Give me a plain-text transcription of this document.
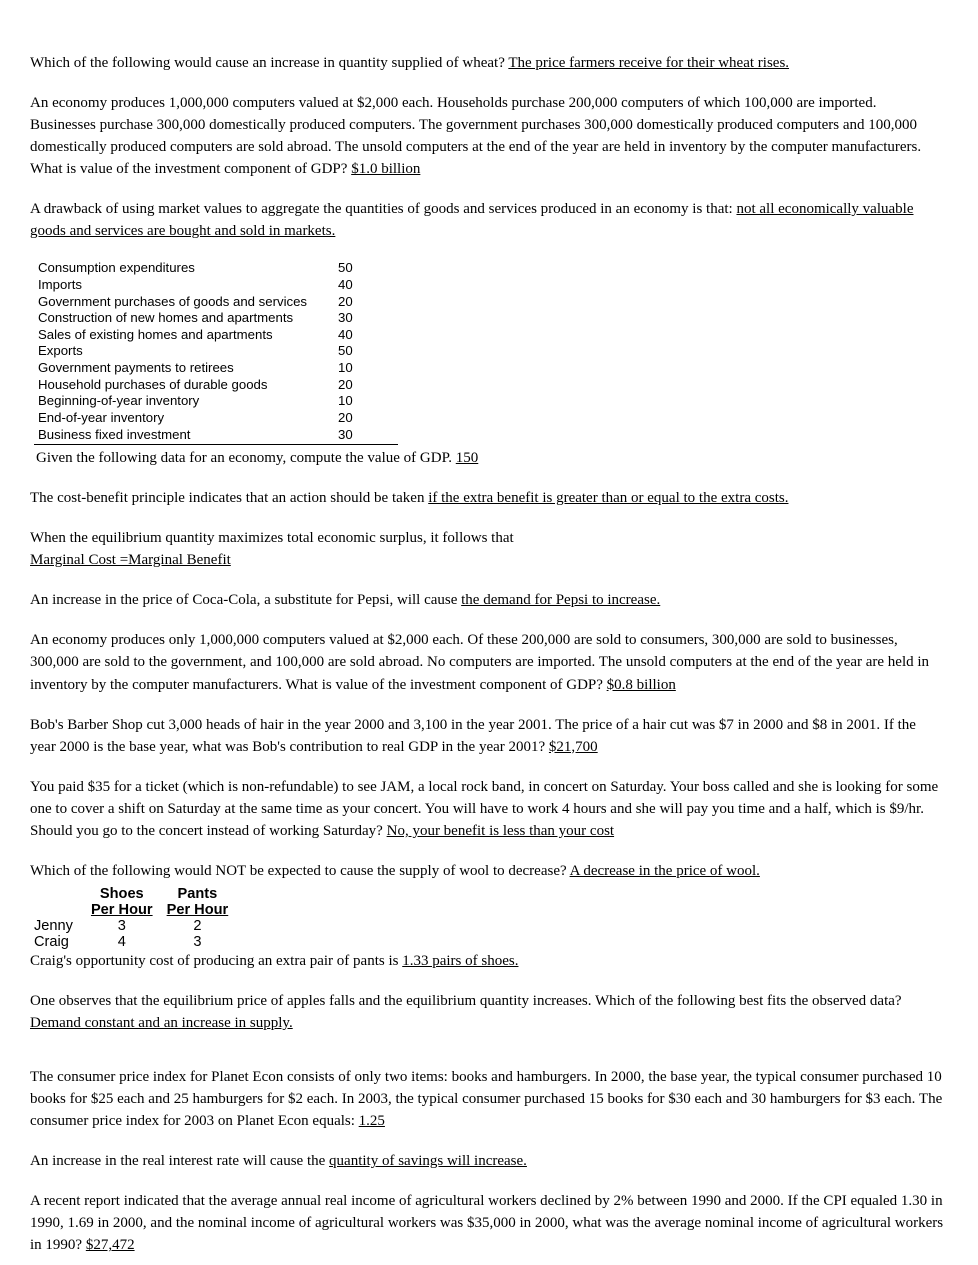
Which of the following would cause an increase in quantity supplied of wheat? The price farmers receive for their wheat rises.

An economy produces 1,000,000 computers valued at $2,000 each. Households purchase 200,000 computers of which 100,000 are imported. Businesses purchase 300,000 domestically produced computers. The government purchases 300,000 domestically produced computers and 100,000 domestically produced computers are sold abroad. The unsold computers at the end of the year are held in inventory by the computer manufacturers. What is value of the investment component of GDP? $1.0 billion

A drawback of using market values to aggregate the quantities of goods and services produced in an economy is that: not all economically valuable goods and services are bought and sold in markets.

Consumption expenditures	50
Imports	40
Government purchases of goods and services	20
Construction of new homes and apartments	30
Sales of existing homes and apartments	40
Exports	50
Government payments to retirees	10
Household purchases of durable goods	20
Beginning-of-year inventory	10
End-of-year inventory	20
Business fixed investment	30

Given the following data for an economy, compute the value of GDP. 150

The cost-benefit principle indicates that an action should be taken if the extra benefit is greater than or equal to the extra costs.

When the equilibrium quantity maximizes total economic surplus, it follows that
Marginal Cost =Marginal Benefit

An increase in the price of Coca-Cola, a substitute for Pepsi, will cause the demand for Pepsi to increase.

An economy produces only 1,000,000 computers valued at $2,000 each. Of these 200,000 are sold to consumers, 300,000 are sold to businesses, 300,000 are sold to the government, and 100,000 are sold abroad. No computers are imported. The unsold computers at the end of the year are held in inventory by the computer manufacturers. What is value of the investment component of GDP? $0.8 billion

Bob's Barber Shop cut 3,000 heads of hair in the year 2000 and 3,100 in the year 2001. The price of a hair cut was $7 in 2000 and $8 in 2001. If the year 2000 is the base year, what was Bob's contribution to real GDP in the year 2001? $21,700

You paid $35 for a ticket (which is non-refundable) to see JAM, a local rock band, in concert on Saturday. Your boss called and she is looking for some one to cover a shift on Saturday at the same time as your concert. You will have to work 4 hours and she will pay you time and a half, which is $9/hr. Should you go to the concert instead of working Saturday? No, your benefit is less than your cost

Which of the following would NOT be expected to cause the supply of wool to decrease? A decrease in the price of wool.

	Shoes	Pants
	Per Hour	Per Hour
Jenny	3	2
Craig	4	3

Craig's opportunity cost of producing an extra pair of pants is 1.33 pairs of shoes.

One observes that the equilibrium price of apples falls and the equilibrium quantity increases. Which of the following best fits the observed data? Demand constant and an increase in supply.

The consumer price index for Planet Econ consists of only two items: books and hamburgers. In 2000, the base year, the typical consumer purchased 10 books for $25 each and 25 hamburgers for $2 each. In 2003, the typical consumer purchased 15 books for $30 each and 30 hamburgers for $3 each. The consumer price index for 2003 on Planet Econ equals: 1.25

An increase in the real interest rate will cause the quantity of savings will increase.

A recent report indicated that the average annual real income of agricultural workers declined by 2% between 1990 and 2000. If the CPI equaled 1.30 in 1990, 1.69 in 2000, and the nominal income of agricultural workers was $35,000 in 2000, what was the average nominal income of agricultural workers in 1990? $27,472
